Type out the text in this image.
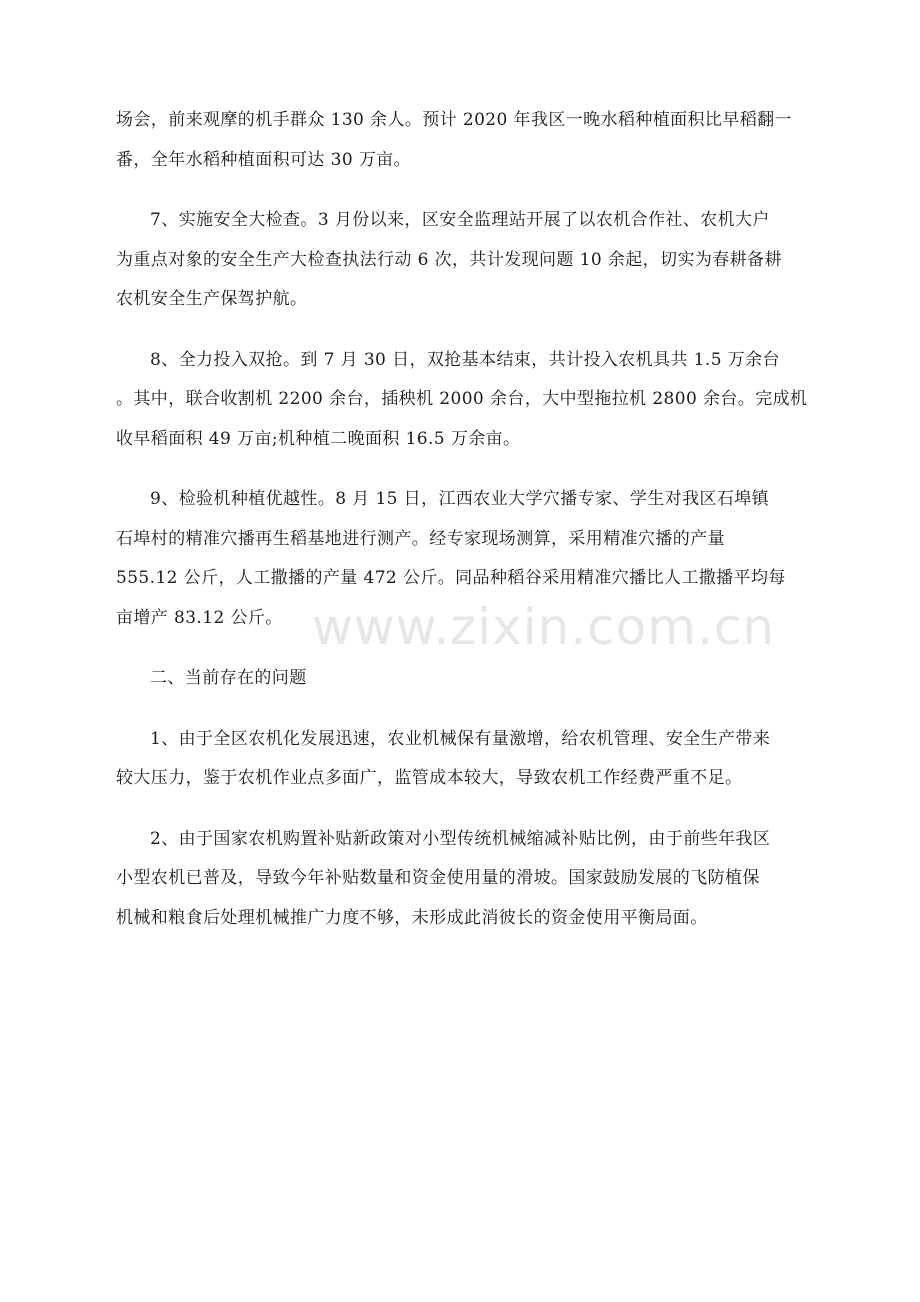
场会，前来观摩的机手群众 130 余人。预计 2020 年我区一晚水稻种植面积比早稻翻一
番，全年水稻种植面积可达 30 万亩。

7、实施安全大检查。3 月份以来，区安全监理站开展了以农机合作社、农机大户
为重点对象的安全生产大检查执法行动 6 次，共计发现问题 10 余起，切实为春耕备耕
农机安全生产保驾护航。

8、全力投入双抢。到 7 月 30 日，双抢基本结束，共计投入农机具共 1.5 万余台
。其中，联合收割机 2200 余台，插秧机 2000 余台，大中型拖拉机 2800 余台。完成机
收早稻面积 49 万亩;机种植二晚面积 16.5 万余亩。

9、检验机种植优越性。8 月 15 日，江西农业大学穴播专家、学生对我区石埠镇
石埠村的精准穴播再生稻基地进行测产。经专家现场测算，采用精准穴播的产量
555.12 公斤，人工撒播的产量 472 公斤。同品种稻谷采用精准穴播比人工撒播平均每
亩增产 83.12 公斤。

二、当前存在的问题

1、由于全区农机化发展迅速，农业机械保有量激增，给农机管理、安全生产带来
较大压力，鉴于农机作业点多面广，监管成本较大，导致农机工作经费严重不足。

2、由于国家农机购置补贴新政策对小型传统机械缩减补贴比例，由于前些年我区
小型农机已普及，导致今年补贴数量和资金使用量的滑坡。国家鼓励发展的飞防植保
机械和粮食后处理机械推广力度不够，未形成此消彼长的资金使用平衡局面。

www.zixin.com.cn
